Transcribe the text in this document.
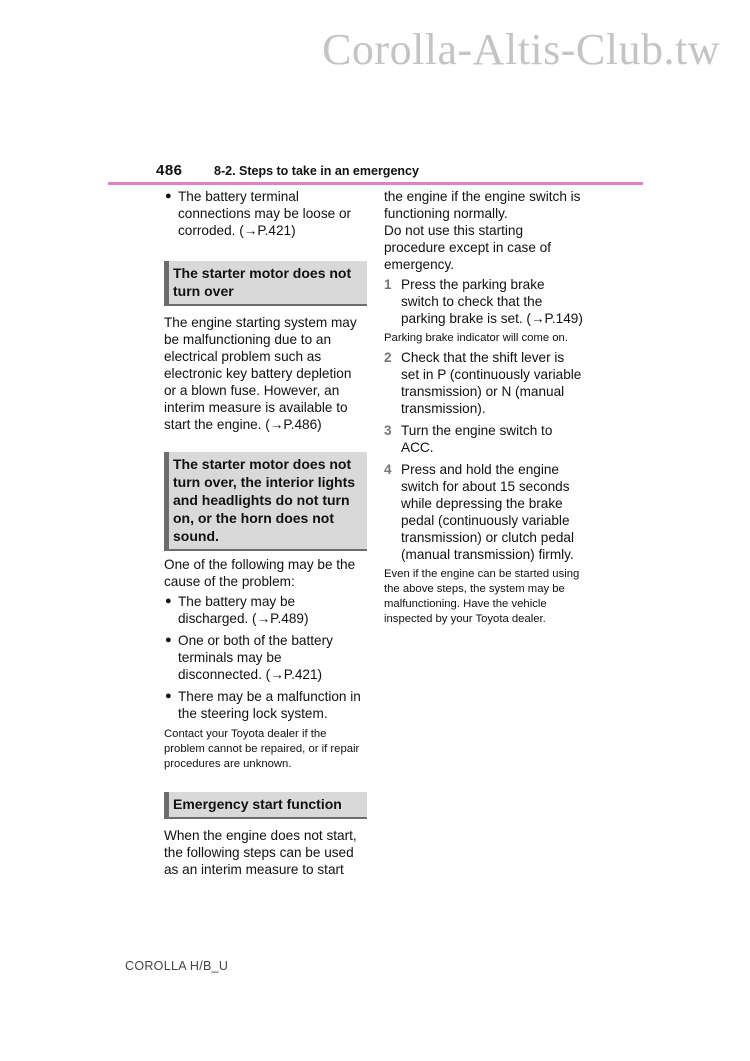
Corolla-Altis-Club.tw
486	8-2. Steps to take in an emergency
● The battery terminal connections may be loose or corroded. (→P.421)
The starter motor does not turn over

The engine starting system may be malfunctioning due to an electrical problem such as electronic key battery depletion or a blown fuse. However, an interim measure is available to start the engine. (→P.486)

The starter motor does not turn over, the interior lights and headlights do not turn on, or the horn does not sound.

One of the following may be the cause of the problem:

● The battery may be discharged. (→P.489)
● One or both of the battery terminals may be disconnected. (→P.421)
● There may be a malfunction in the steering lock system.

Contact your Toyota dealer if the problem cannot be repaired, or if repair procedures are unknown.

Emergency start function

When the engine does not start, the following steps can be used as an interim measure to start

the engine if the engine switch is functioning normally.

Do not use this starting procedure except in case of emergency.

1 Press the parking brake switch to check that the parking brake is set. (→P.149)

Parking brake indicator will come on.

2 Check that the shift lever is set in P (continuously variable transmission) or N (manual transmission).
3 Turn the engine switch to ACC.
4 Press and hold the engine switch for about 15 seconds while depressing the brake pedal (continuously variable transmission) or clutch pedal (manual transmission) firmly.

Even if the engine can be started using the above steps, the system may be malfunctioning. Have the vehicle inspected by your Toyota dealer.

COROLLA H/B_U
